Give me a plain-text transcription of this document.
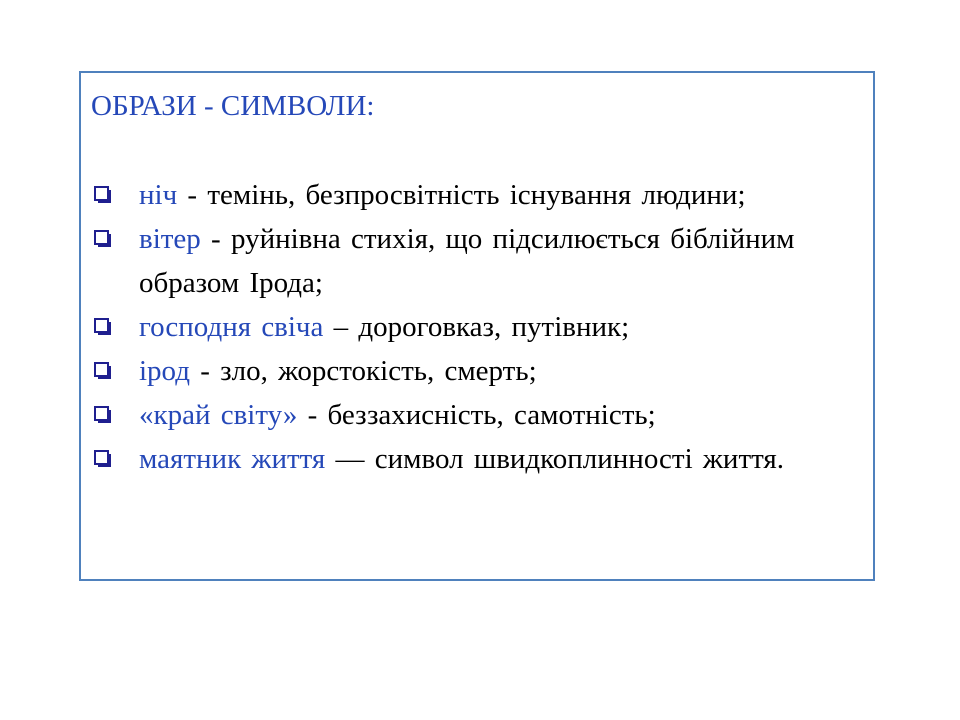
ОБРАЗИ - СИМВОЛИ:
ніч - темінь, безпросвітність існування людини;
вітер - руйнівна стихія, що підсилюється біблійним образом Ірода;
господня свіча – дороговказ, путівник;
ірод - зло, жорстокість, смерть;
«край світу» - беззахисність, самотність;
маятник життя — символ швидкоплинності життя.
